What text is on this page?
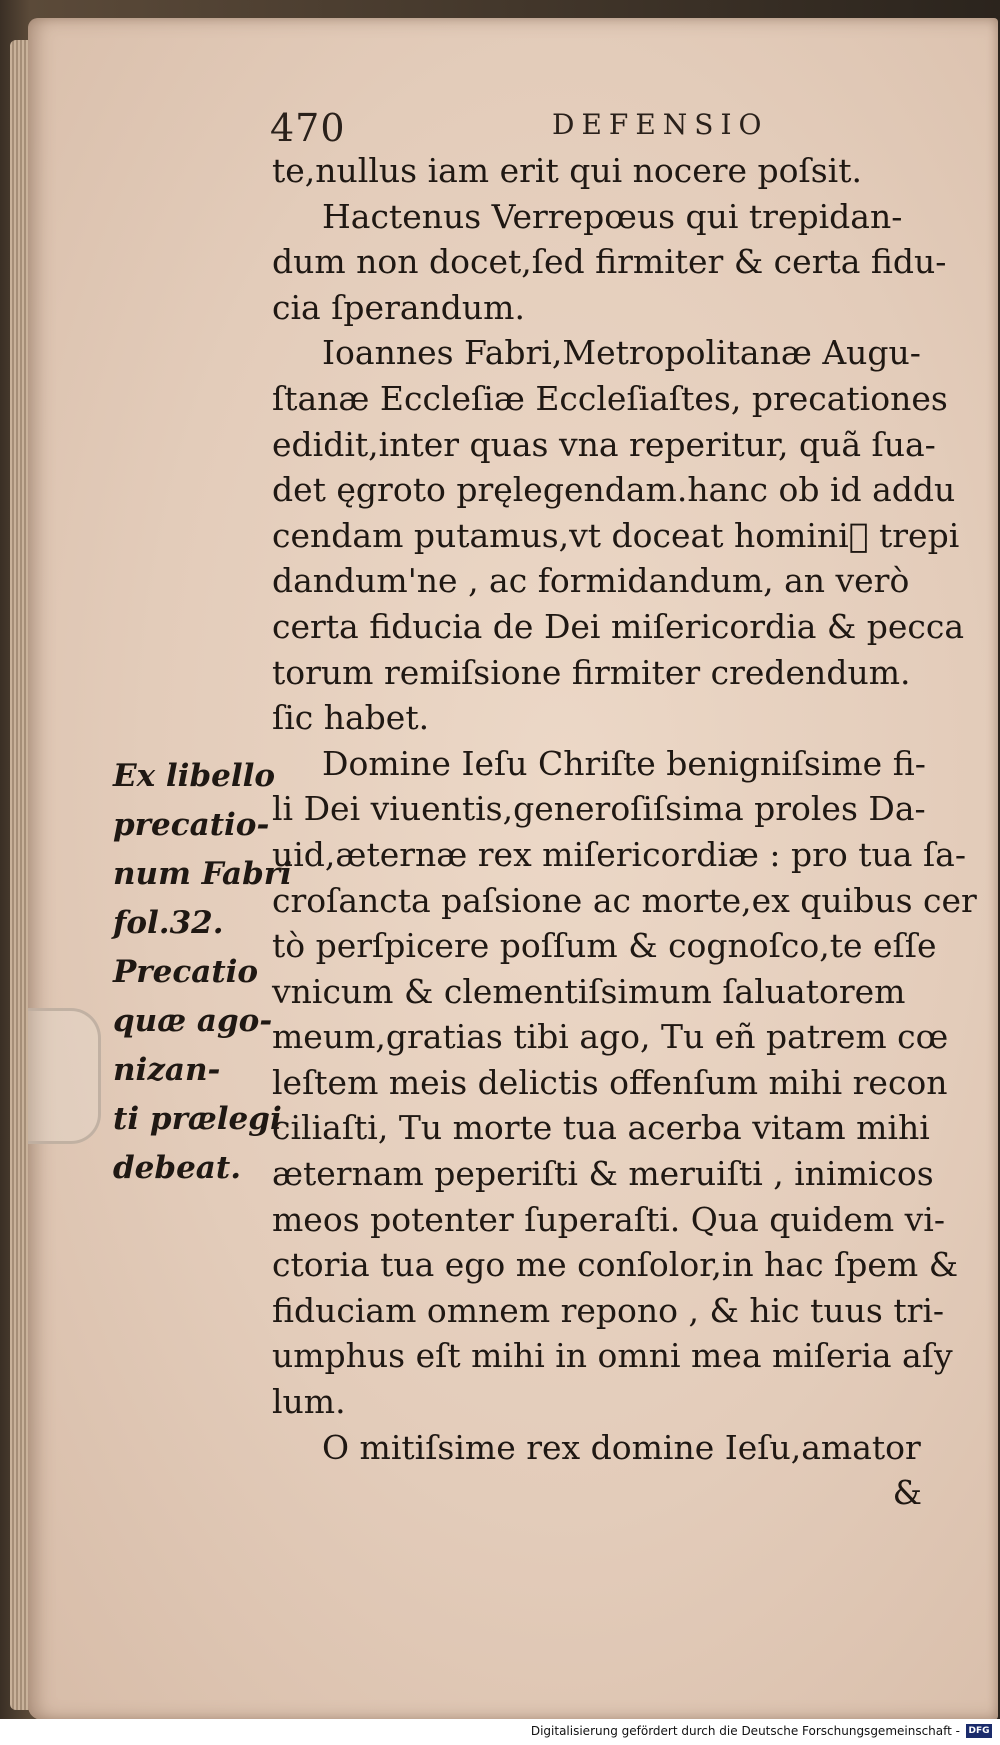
470	DEFENSIO
te,nullus iam erit qui nocere poſsit.
Hactenus Verrepœus qui trepidan-
dum non docet,ſed firmiter & certa fidu-
cia ſperandum.
Ioannes Fabri,Metropolitanæ Augu-
ſtanæ Eccleſiæ Eccleſiaſtes, precationes
edidit,inter quas vna reperitur, quã ſua-
det ęgroto pręlegendam.hanc ob id addu
cendam putamus,vt doceat homini᷑ trepi
dandum'ne , ac formidandum, an verò
certa fiducia de Dei miſericordia & pecca
torum remiſsione firmiter credendum.
ſic habet.
Domine Ieſu Chriſte benigniſsime fi-
li Dei viuentis,generoſiſsima proles Da-
uid,æternæ rex miſericordiæ : pro tua ſa-
croſancta paſsione ac morte,ex quibus cer
tò perſpicere poſſum & cognoſco,te eſſe
vnicum & clementiſsimum ſaluatorem
meum,gratias tibi ago, Tu eñ patrem cœ
leſtem meis delictis offenſum mihi recon
ciliaſti, Tu morte tua acerba vitam mihi
æternam peperiſti & meruiſti , inimicos
meos potenter ſuperaſti. Qua quidem vi-
ctoria tua ego me conſolor,in hac ſpem &
fiduciam omnem repono , & hic tuus tri-
umphus eſt mihi in omni mea miſeria aſy
lum.
O mitiſsime rex domine Ieſu,amator
&
Ex libello
precatio-
num Fabri
fol.32.
Precatio
quæ ago-
nizan-
ti prælegi
debeat.
Digitalisierung gefördert durch die Deutsche Forschungsgemeinschaft - DFG
